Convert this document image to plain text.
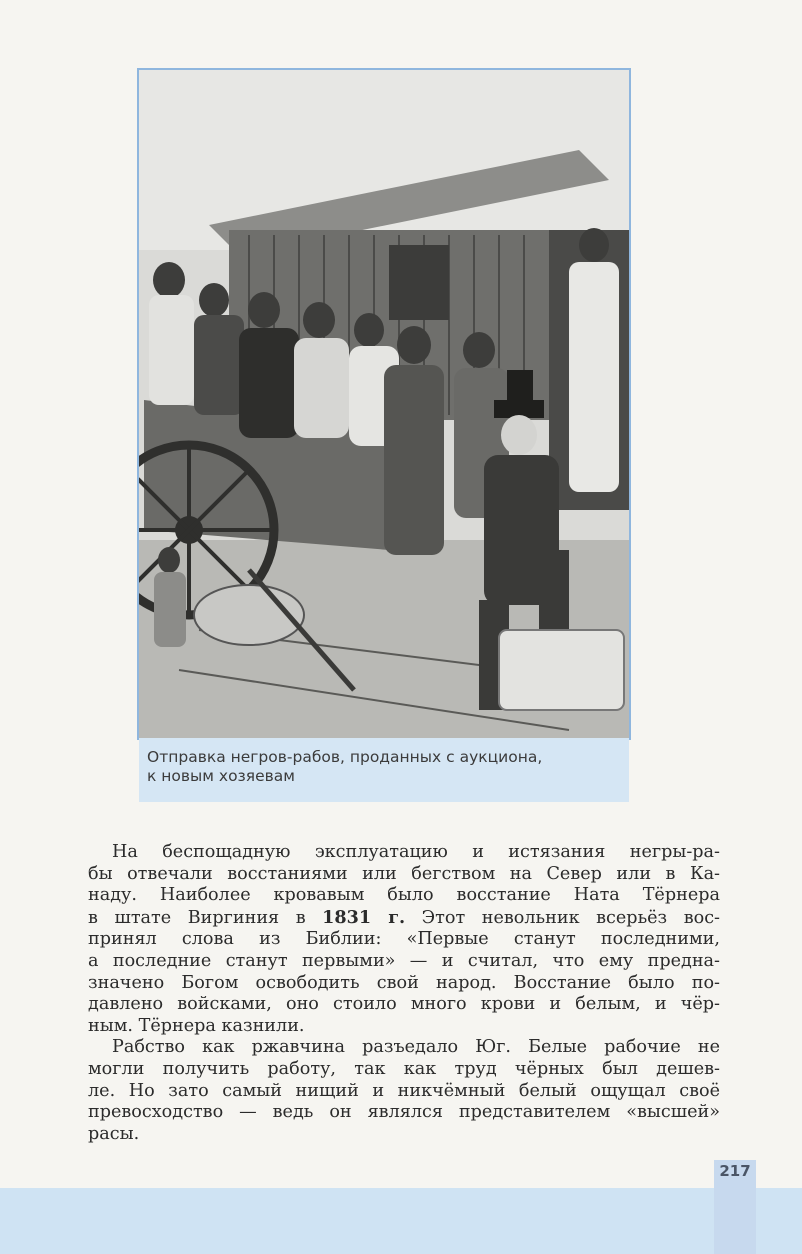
Отправка негров-рабов, проданных с аукциона,
к новым хозяевам

На беспощадную эксплуатацию и истязания негры-ра-
бы отвечали восстаниями или бегством на Север или в Ка-
наду. Наиболее кровавым было восстание Ната Тёрнера
в штате Виргиния в 1831 г. Этот невольник всерьёз вос-
принял слова из Библии: «Первые станут последними,
а последние станут первыми» — и считал, что ему предна-
значено Богом освободить свой народ. Восстание было по-
давлено войсками, оно стоило много крови и белым, и чёр-
ным. Тёрнера казнили.

Рабство как ржавчина разъедало Юг. Белые рабочие не
могли получить работу, так как труд чёрных был дешев-
ле. Но зато самый нищий и никчёмный белый ощущал своё
превосходство — ведь он являлся представителем «высшей»
расы.

217
